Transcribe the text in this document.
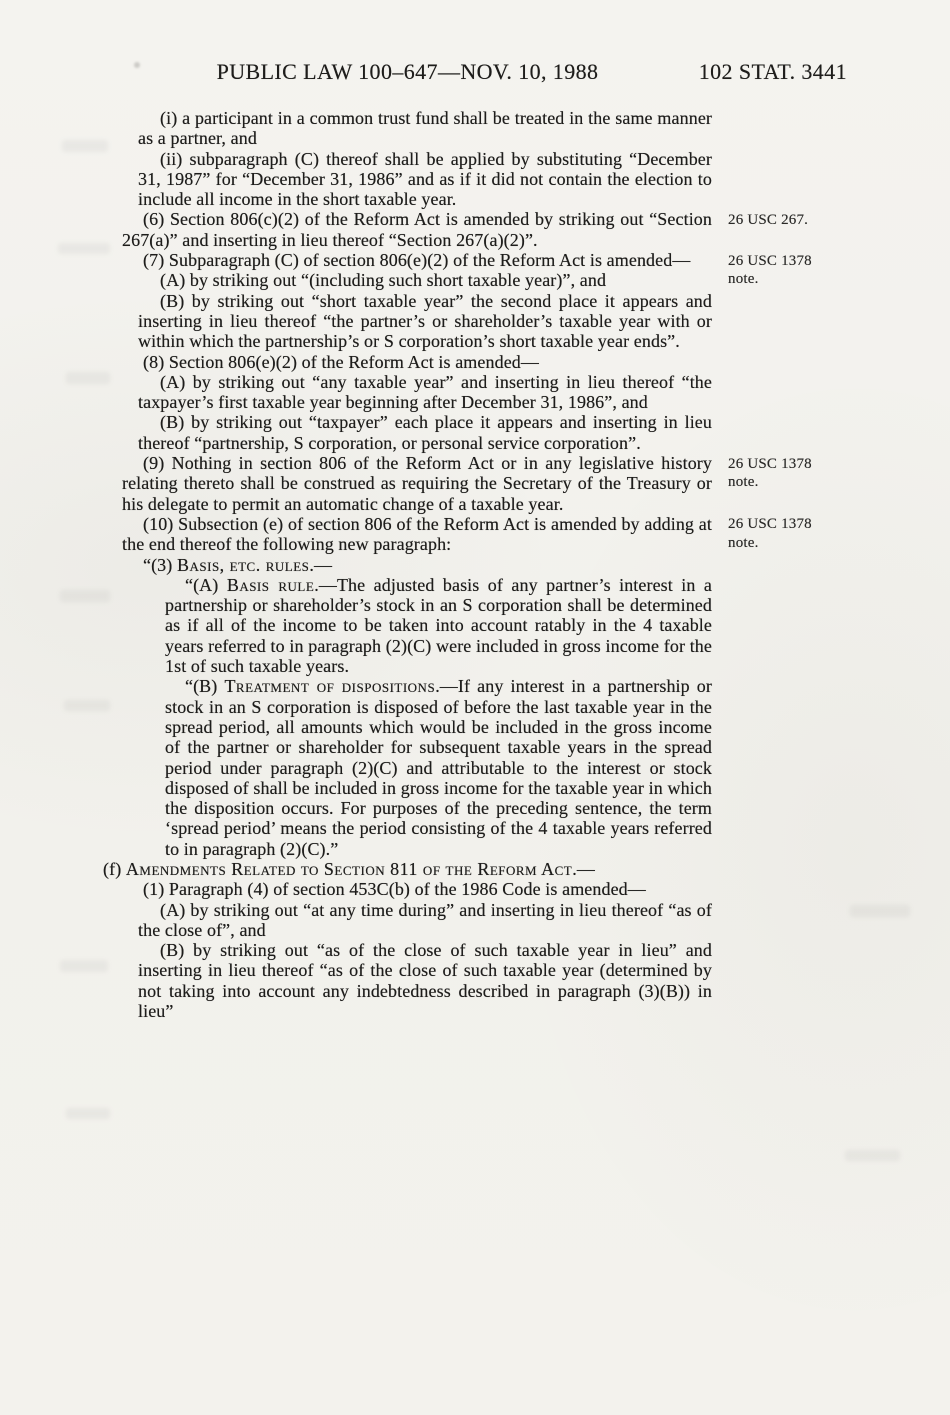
PUBLIC LAW 100–647—NOV. 10, 1988	102 STAT. 3441
(i) a participant in a common trust fund shall be treated in the same manner as a partner, and
(ii) subparagraph (C) thereof shall be applied by substituting “December 31, 1987” for “December 31, 1986” and as if it did not contain the election to include all income in the short taxable year.
(6) Section 806(c)(2) of the Reform Act is amended by striking out “Section 267(a)” and inserting in lieu thereof “Section 267(a)(2)”.
26 USC 267.
(7) Subparagraph (C) of section 806(e)(2) of the Reform Act is amended—	26 USC 1378
note.
(A) by striking out “(including such short taxable year)”, and
(B) by striking out “short taxable year” the second place it appears and inserting in lieu thereof “the partner’s or shareholder’s taxable year with or within which the partnership’s or S corporation’s short taxable year ends”.
(8) Section 806(e)(2) of the Reform Act is amended—
(A) by striking out “any taxable year” and inserting in lieu thereof “the taxpayer’s first taxable year beginning after December 31, 1986”, and
(B) by striking out “taxpayer” each place it appears and inserting in lieu thereof “partnership, S corporation, or personal service corporation”.
(9) Nothing in section 806 of the Reform Act or in any legislative history relating thereto shall be construed as requiring the Secretary of the Treasury or his delegate to permit an automatic change of a taxable year.
26 USC 1378
note.
(10) Subsection (e) of section 806 of the Reform Act is amended by adding at the end thereof the following new paragraph:
26 USC 1378
note.
“(3) Basis, etc. rules.—
“(A) Basis rule.—The adjusted basis of any partner’s interest in a partnership or shareholder’s stock in an S corporation shall be determined as if all of the income to be taken into account ratably in the 4 taxable years referred to in paragraph (2)(C) were included in gross income for the 1st of such taxable years.
“(B) Treatment of dispositions.—If any interest in a partnership or stock in an S corporation is disposed of before the last taxable year in the spread period, all amounts which would be included in the gross income of the partner or shareholder for subsequent taxable years in the spread period under paragraph (2)(C) and attributable to the interest or stock disposed of shall be included in gross income for the taxable year in which the disposition occurs. For purposes of the preceding sentence, the term ‘spread period’ means the period consisting of the 4 taxable years referred to in paragraph (2)(C).”
(f) Amendments Related to Section 811 of the Reform Act.—
(1) Paragraph (4) of section 453C(b) of the 1986 Code is amended—
(A) by striking out “at any time during” and inserting in lieu thereof “as of the close of”, and
(B) by striking out “as of the close of such taxable year in lieu” and inserting in lieu thereof “as of the close of such taxable year (determined by not taking into account any indebtedness described in paragraph (3)(B)) in lieu”
